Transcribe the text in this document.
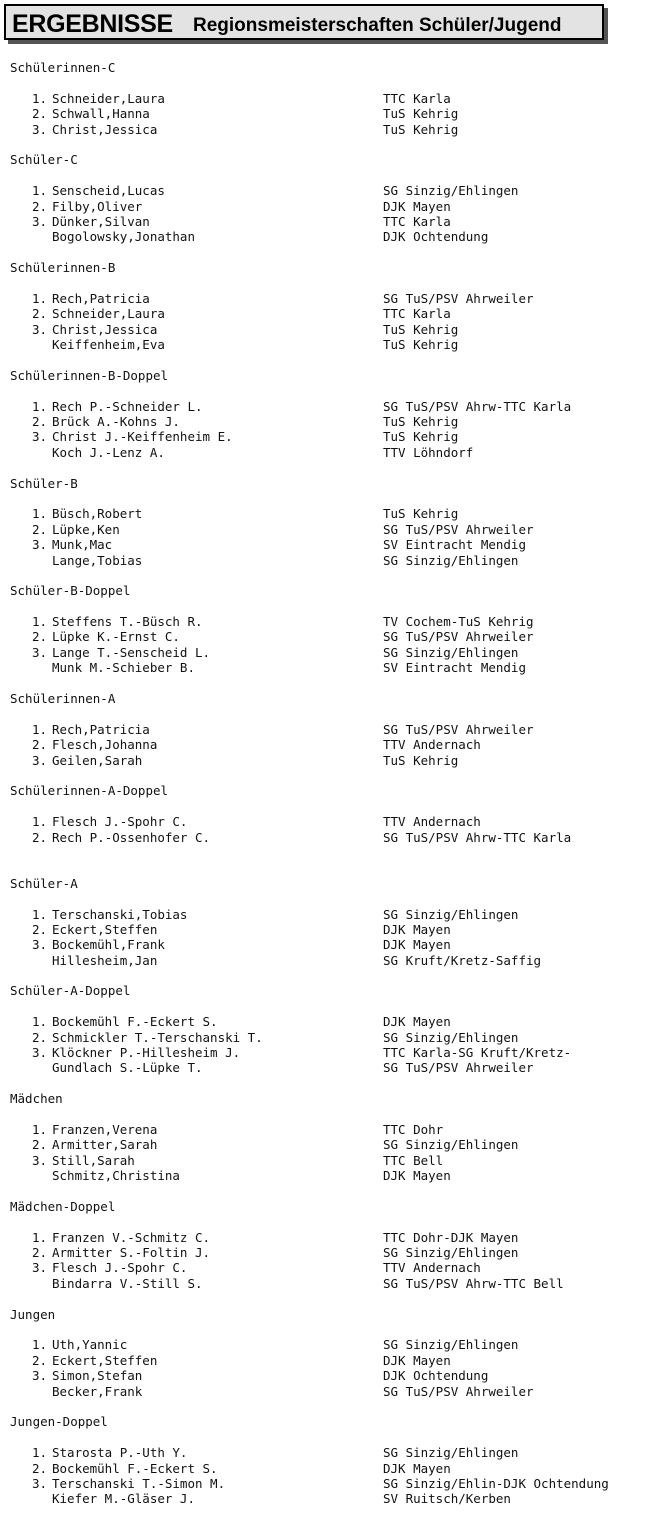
ERGEBNISSE Regionsmeisterschaften Schüler/Jugend
Schülerinnen-C
1. Schneider,Laura	TTC Karla
2. Schwall,Hanna	TuS Kehrig
3. Christ,Jessica	TuS Kehrig
Schüler-C
1. Senscheid,Lucas	SG Sinzig/Ehlingen
2. Filby,Oliver	DJK Mayen
3. Dünker,Silvan	TTC Karla
Bogolowsky,Jonathan	DJK Ochtendung
Schülerinnen-B
1. Rech,Patricia	SG TuS/PSV Ahrweiler
2. Schneider,Laura	TTC Karla
3. Christ,Jessica	TuS Kehrig
Keiffenheim,Eva	TuS Kehrig
Schülerinnen-B-Doppel
1. Rech P.-Schneider L.	SG TuS/PSV Ahrw-TTC Karla
2. Brück A.-Kohns J.	TuS Kehrig
3. Christ J.-Keiffenheim E.	TuS Kehrig
Koch J.-Lenz A.	TTV Löhndorf
Schüler-B
1. Büsch,Robert	TuS Kehrig
2. Lüpke,Ken	SG TuS/PSV Ahrweiler
3. Munk,Mac	SV Eintracht Mendig
Lange,Tobias	SG Sinzig/Ehlingen
Schüler-B-Doppel
1. Steffens T.-Büsch R.	TV Cochem-TuS Kehrig
2. Lüpke K.-Ernst C.	SG TuS/PSV Ahrweiler
3. Lange T.-Senscheid L.	SG Sinzig/Ehlingen
Munk M.-Schieber B.	SV Eintracht Mendig
Schülerinnen-A
1. Rech,Patricia	SG TuS/PSV Ahrweiler
2. Flesch,Johanna	TTV Andernach
3. Geilen,Sarah	TuS Kehrig
Schülerinnen-A-Doppel
1. Flesch J.-Spohr C.	TTV Andernach
2. Rech P.-Ossenhofer C.	SG TuS/PSV Ahrw-TTC Karla
Schüler-A
1. Terschanski,Tobias	SG Sinzig/Ehlingen
2. Eckert,Steffen	DJK Mayen
3. Bockemühl,Frank	DJK Mayen
Hillesheim,Jan	SG Kruft/Kretz-Saffig
Schüler-A-Doppel
1. Bockemühl F.-Eckert S.	DJK Mayen
2. Schmickler T.-Terschanski T.	SG Sinzig/Ehlingen
3. Klöckner P.-Hillesheim J.	TTC Karla-SG Kruft/Kretz-
Gundlach S.-Lüpke T.	SG TuS/PSV Ahrweiler
Mädchen
1. Franzen,Verena	TTC Dohr
2. Armitter,Sarah	SG Sinzig/Ehlingen
3. Still,Sarah	TTC Bell
Schmitz,Christina	DJK Mayen
Mädchen-Doppel
1. Franzen V.-Schmitz C.	TTC Dohr-DJK Mayen
2. Armitter S.-Foltin J.	SG Sinzig/Ehlingen
3. Flesch J.-Spohr C.	TTV Andernach
Bindarra V.-Still S.	SG TuS/PSV Ahrw-TTC Bell
Jungen
1. Uth,Yannic	SG Sinzig/Ehlingen
2. Eckert,Steffen	DJK Mayen
3. Simon,Stefan	DJK Ochtendung
Becker,Frank	SG TuS/PSV Ahrweiler
Jungen-Doppel
1. Starosta P.-Uth Y.	SG Sinzig/Ehlingen
2. Bockemühl F.-Eckert S.	DJK Mayen
3. Terschanski T.-Simon M.	SG Sinzig/Ehlin-DJK Ochtendung
Kiefer M.-Gläser J.	SV Ruitsch/Kerben
